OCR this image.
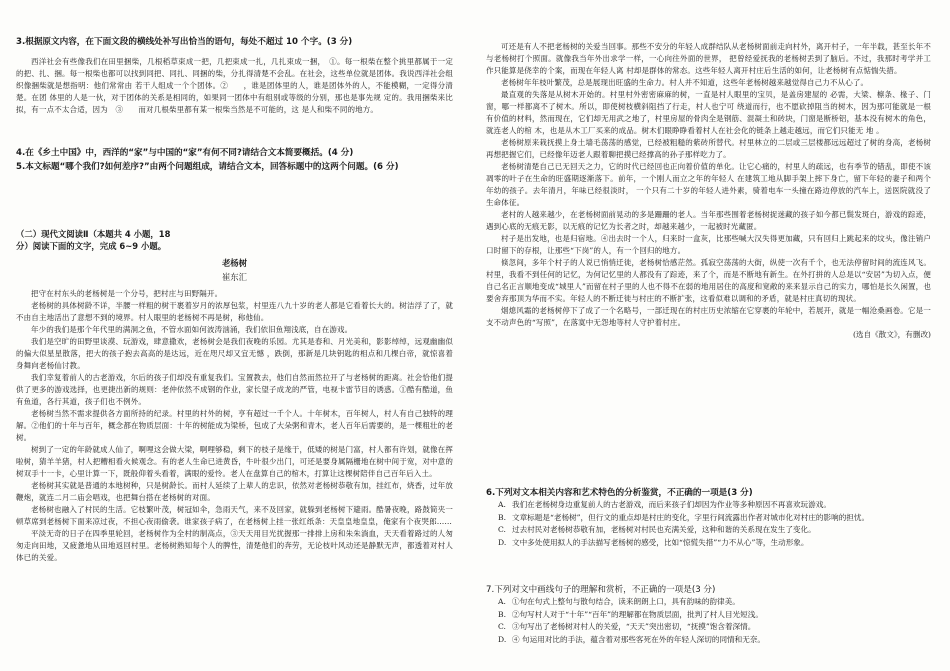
3.根据原文内容，在下面文段的横线处补写出恰当的语句，每处不超过 10 个字。(3 分)

西洋社会有些像我们在田里捆柴，几根稻草束成一把，几把束成一扎，几扎束成一捆，　①。每一根柴在整个挑里都属于一定的把、扎、捆。每一根柴也都可以找到同把、同扎、同捆的柴，分扎得清楚不会乱。在社会，这些单位就是团体。我说西洋社会组织像捆柴就是想指明：他们常常由 若干人组成一个个团体。②　　，谁是团体里的人，谁是团体外的人，不能模糊，一定得分清楚。在团 体里的人是一伙，对于团体的关系是相同的，如果同一团体中有组别或等级的分别，那也是事先规 定的。我用捆柴来比拟，有一点不太合适，因为　③　　而对几根柴里都有某一根柴当然是不可能的，这 是人和柴不同的地方。

4.在《乡土中国》中，西洋的“家”与中国的“家”有何不同?请结合文本简要概括。(4 分)

5.本文标题“哪个我们?如何差序?”由两个问题组成，请结合文本，回答标题中的这两个问题。(6 分)

（二）现代文阅读Ⅱ（本题共 4 小题，18

分）阅读下面的文字，完成 6~9 小题。

老杨树

崔东汇

把守在村东头的老杨树是一个分号，把村庄与田野隔开。

老杨树的具体树龄不详，半腰一样粗的树干裹着岁月的浓厚包浆，村里连八九十岁的老人都是它看着长大的。树洁浮了了，就不由自主地活出了意想不到的境界。村人眼里的老杨树不再是树，称他仙。

年少的我们是那个年代里的满洞之鱼，不管水面如何波涛汹涌，我们依旧鱼翔浅底，自在游戏。

我们是空旷的田野里谈漠、玩游戏，肆意撒欢，老杨树会是我们夜晚的乐园。尤其是春和、月光美和，影影绰绰，远观幽幽似的偏大似星星散落，把大的孩子抱去高高的是达远，近在咫尺却又宜无憾 ，跌倒，那新是几块钥匙的相点和几棵白帝，就惊喜着身舞向老杨仙讨教。

我们幸复着前人的古老游戏，尔后的孩子们却没有重复我们。宝置教去，他们自然而然拉开了与老杨树的距离。社会恰他们提供了更多的游戏选择，也更捷出新的规则：老仲依然不成钢的作业，家长望子成龙的严管，电视卡雷节目的诱惑。①酷有酷道，鱼有鱼道，各行其道，孩子们也不例外。

老杨树当然不需求提供各方面所持的纪录。村里的村外的树，亨有超过一千个人。十年树木，百年树人，村人有自己独特的理解。②他们的十年与百年，概念都在物质层面：十年的树能成为梁桥，包成了大朵粥和青木，老人百年后需要的，是一棵粗壮的老树。

树到了一定的年龄就成人仙了，啊哩这会做大梁，啊哩够稳，剩下的枝子是缘于，低矮的树是门富，村人都有许划，就像在挥啦树，猜羊羊猪，村人把糟相看火候观念。有的老人生命已进黄昏，牛叶很少出门，可还是要身属隔栅地在树中间于宽，对中意的树双手十一卡，心里计算一下，既般仰着头看着，满眼的爱怜。老人在盘算自己的棺木，打算让这棵树陪伴自己百年后入土。

老杨树其实就是普通的本地树种，只是树龄长。而村人延续了上辈人的忠识，依然对老杨树恭敬有加，挂红布，烧香，过年放鞭炮，就连二月二庙会唱戏，也把舞台搭在老杨树的对面。

老杨树也融入了村民的生活。它枝繁叶茂，树冠如伞，急雨天气，来不及回家，就躲到老杨树下避雨。酷暑夜晚，路鼓简夹一顿草席到老杨树下面来凉过夜，不担心夜雨偷袭。谁家孩子病了，在老杨树上挂一张红纸条：天皇皇地皇皇，俺家有个夜哭郎……

平淡无奇的日子在四季里轮回，老杨树作为全村的制高点，③天天用目光扰握那一排排上房和朱朱淌血，天天看着路过的人匆匆走向田地，又疲惫地从田地返回村里。老杨树熟知每个人的脾性，清楚他们的奔劳，无论枝叶风动还是静默无声，都透着对村人体已的关爱。

可还是有人不把老杨树的关爱当回事。那些不安分的年轻人成群结队从老杨树面前走向村外，离开村子，一年半载，甚至长年不与老杨树打个照面。就像我当年外出求学一样，一心向往外面的世界， 把曾经爱抚我的老杨树丢到了脑后。不过，我那时考学并工作只能算是侥幸的个案，而现在年轻人离 村却是群体的常态。这些年轻人离开村庄后生活的如何，让老杨树有点惦惴失措。

老杨树年年枝叶繁茂，总是展现出旺盛的生命力。村人并不知道，这些年老杨树越来越觉得自己力不从心了。

最直观的失落是从树木开始的。村里村外密密麻麻的树，一直是村人眼里的宝贝，是盖房建屋的 必需，大梁、檩条、椽子、门窗，哪一样都离不了树木。所以，即使树枝横斜阻挡了行走，村人也宁可 绕道而行，也不愿砍掉阻当的树木，因为那可能就是一根有价值的材料，然而现在，它们却无用武之地了，村里房屋的骨肉全是钢筋、混凝土和砖块，门窗是断桥铝，基本没有树木的角色，就连老人的棺 木，也是从木工厂买来的成品。树木们眼睁睁看着村人在社会化的链条上越走越远，而它们只能无 地 。

老杨树原来栽抚摸上身土墙毛荡荡的感觉，已经被粗糙的紫砖所替代。村里林立的二层或三层楼都远远超过了树的身高，老杨树再想把握它们，已经像年迈老人跟着聊把摸已经撑高的孙子那样吃力了。

老杨树清楚自己已无回天之力，它的时代已经回也正向着价值的单化。让它心痛的，村里人的疏远，也有季节的错乱，即使不该凋零的叶子在生命的旺盛期逐渐落下。前年，一个刚人而立之年的年轻人 在建筑工地从脚手架上摔下身亡，留下年轻的妻子和两个年幼的孩子。去年清月，年味已经很淡时， 一个只有二十岁的年轻人进外素，骑着电车一头撞在路边停放的汽车上，送医院就没了生命体征。

老村的人越来越少，在老杨树面前晃动的多是跚跚的老人。当年那些围着老杨树捉迷藏的孩子如今都已鬓发斑白，游戏的踪迹，遇到心底的无痕无影，以无痕的记忆为长者之时，却越来越少，一起被时光藏匿。

村子是出发地，也是归宿地。④出去时一个人，归来时一盒灰，比那些喊大汉失得更加藏，只有回归上跳起来的坟头，像注销户口时留下的存根，让那些“下岗”的人，有一个回归的地方。

倏忽间，多年个村子的人说已悄悄迁徙，老杨树恰感茫然。孤寂空荡荡的大街，纵使一次有千个，也无法停留时间的流连风飞。村里，我看不到任何的记忆，为何记忆里的人都没有了踪迹，来了个，而是不断地有新生。在外打拼的人总是以“安居”为切入点，便自己名正言顺地变成“城里人”而留在村子里的人也不得不在弱的地用居住的高度和宽敞的来来显示自己的实力，哪怕是长久闲置，也要舍弃那顶为华而不实。年轻人的不断迁徙与村庄的不断扩张，这看似难以调和的矛盾，就是村庄真切的现状。

烟熄风霜的老杨树停下了成了一个名略号，一部迁现在的村庄历史浓缩在它穿裹的年轮中，若展开，就是一幅沧桑画卷。它是一支不动声色的“写照”，在落寞中无怨地等村人守护着村庄。

(选自《散文》，有删改)

6.下列对文本相关内容和艺术特色的分析鉴赏，不正确的一项是(3 分)

A. 我们在老杨树身边重复前人的古老游戏，而后来孩子们却因为作业等多种原因不再喜欢玩游戏。

B. 文章标题是“老杨树”，但行文的重点却是村庄的变化，字里行间流露出作者对城市化对村庄的影响的担忧。

C. 过去村民对老杨树恭敬有加，老杨树对村民也充满关爱，这种和谐的关系现在发生了变化。

D. 文中多处使用拟人的手法描写老杨树的感受，比如“惊慌失措”“力不从心”等，生动形象。

7.下列对文中画线句子的理解和赏析，不正确的一项是(3 分)

A. ①句在句式上整句与散句结合，读来朗朗上口，具有韵味的韵律美。

B. ②句写村人对于“十年”“百年”的理解都在物质层面，批判了村人目光短浅。

C. ③句写出了老杨树对村人的关爱，“天天”突出密切，“抚摸”饱含着深情。

D. ④ 句运用对比的手法，蕴含着对那些客死在外的年轻人深切的同情和无奈。
